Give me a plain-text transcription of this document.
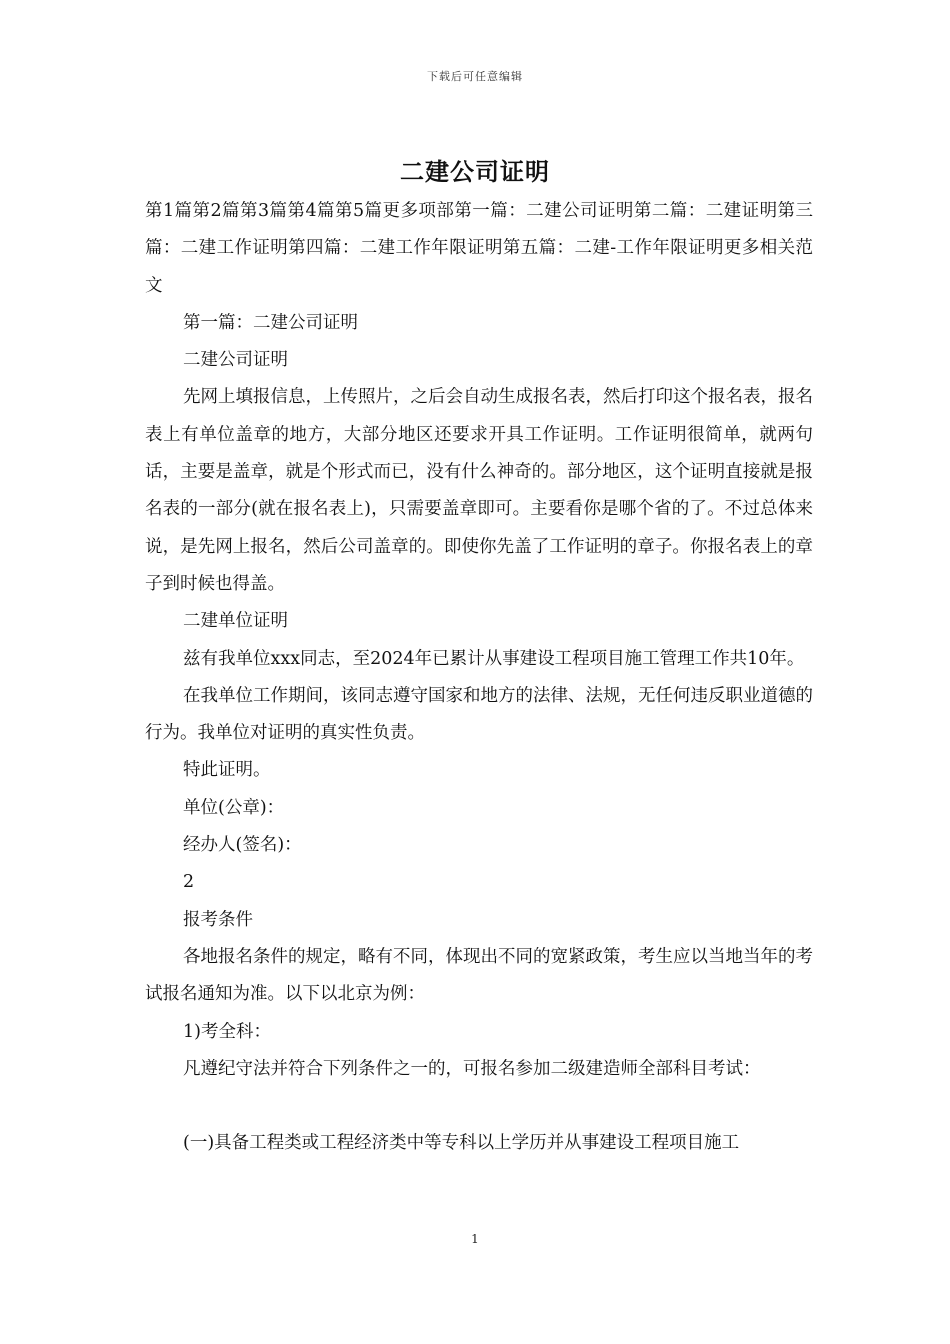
下载后可任意编辑
二建公司证明

第1篇第2篇第3篇第4篇第5篇更多项部第一篇：二建公司证明第二篇：二建证明第三篇：二建工作证明第四篇：二建工作年限证明第五篇：二建-工作年限证明更多相关范文

第一篇：二建公司证明

二建公司证明

先网上填报信息，上传照片，之后会自动生成报名表，然后打印这个报名表，报名表上有单位盖章的地方，大部分地区还要求开具工作证明。工作证明很简单，就两句话，主要是盖章，就是个形式而已，没有什么神奇的。部分地区，这个证明直接就是报名表的一部分(就在报名表上)，只需要盖章即可。主要看你是哪个省的了。不过总体来说，是先网上报名，然后公司盖章的。即使你先盖了工作证明的章子。你报名表上的章子到时候也得盖。

二建单位证明

兹有我单位xxx同志，至2024年已累计从事建设工程项目施工管理工作共10年。

在我单位工作期间，该同志遵守国家和地方的法律、法规，无任何违反职业道德的行为。我单位对证明的真实性负责。

特此证明。

单位(公章)：

经办人(签名)：

2

报考条件

各地报名条件的规定，略有不同，体现出不同的宽紧政策，考生应以当地当年的考试报名通知为准。以下以北京为例：

1)考全科：

凡遵纪守法并符合下列条件之一的，可报名参加二级建造师全部科目考试：

(一)具备工程类或工程经济类中等专科以上学历并从事建设工程项目施工

1
